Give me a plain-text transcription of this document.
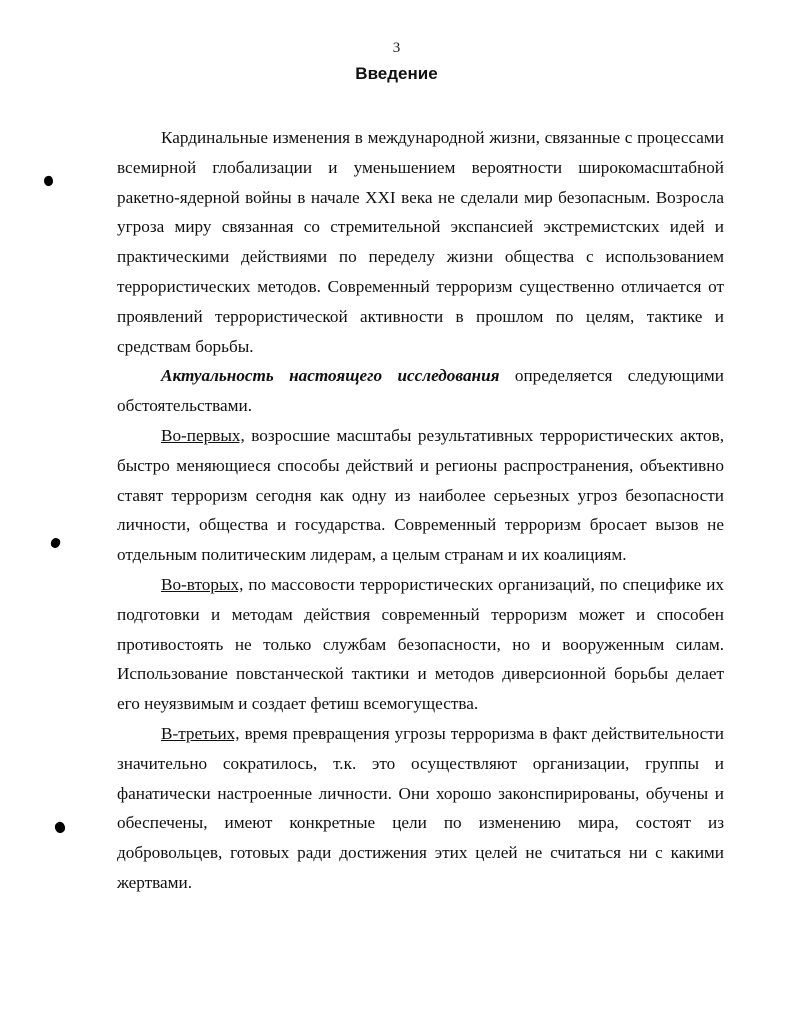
3
Введение

Кардинальные изменения в международной жизни, связанные с процессами всемирной глобализации и уменьшением вероятности широкомасштабной ракетно-ядерной войны в начале XXI века не сделали мир безопасным. Возросла угроза миру связанная со стремительной экспансией экстремистских идей и практическими действиями по переделу жизни общества с использованием террористических методов. Современный терроризм существенно отличается от проявлений террористической активности в прошлом по целям, тактике и средствам борьбы.

Актуальность настоящего исследования определяется следующими обстоятельствами.

Во-первых, возросшие масштабы результативных террористических актов, быстро меняющиеся способы действий и регионы распространения, объективно ставят терроризм сегодня как одну из наиболее серьезных угроз безопасности личности, общества и государства. Современный терроризм бросает вызов не отдельным политическим лидерам, а целым странам и их коалициям.

Во-вторых, по массовости террористических организаций, по специфике их подготовки и методам действия современный терроризм может и способен противостоять не только службам безопасности, но и вооруженным силам. Использование повстанческой тактики и методов диверсионной борьбы делает его неуязвимым и создает фетиш всемогущества.

В-третьих, время превращения угрозы терроризма в факт действительности значительно сократилось, т.к. это осуществляют организации, группы и фанатически настроенные личности. Они хорошо законспирированы, обучены и обеспечены, имеют конкретные цели по изменению мира, состоят из добровольцев, готовых ради достижения этих целей не считаться ни с какими жертвами.
